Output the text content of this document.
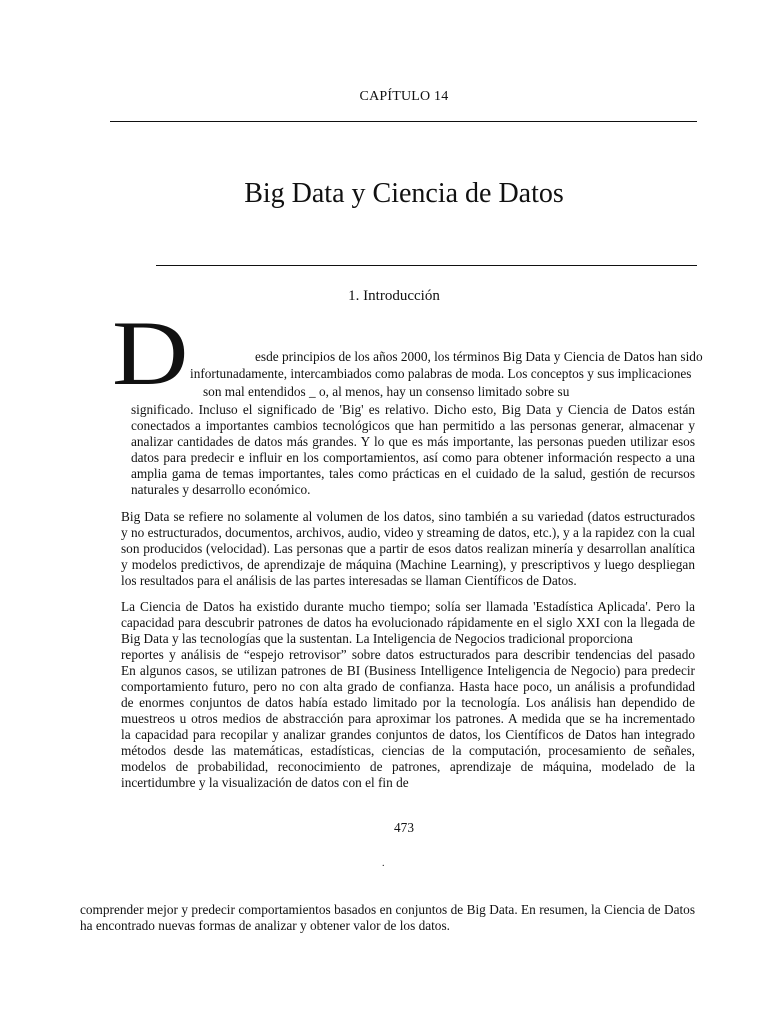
CAPÍTULO 14
Big Data y Ciencia de Datos
1. Introducción
D	esde principios de los años 2000, los términos Big Data y Ciencia de Datos han sido
infortunadamente, intercambiados como palabras de moda. Los conceptos y sus implicaciones
son mal entendidos _ o, al menos, hay un consenso limitado sobre su
significado. Incluso el significado de 'Big' es relativo. Dicho esto, Big Data y Ciencia de Datos están
conectados a importantes cambios tecnológicos que han permitido a las personas generar, almacenar y
analizar cantidades de datos más grandes. Y lo que es más importante, las personas pueden utilizar esos
datos para predecir e influir en los comportamientos, así como para obtener información respecto a una
amplia gama de temas importantes, tales como prácticas en el cuidado de la salud, gestión de recursos
naturales y desarrollo económico.
Big Data se refiere no solamente al volumen de los datos, sino también a su variedad (datos estructurados
y no estructurados, documentos, archivos, audio, video y streaming de datos, etc.), y a la rapidez con la cual
son producidos (velocidad). Las personas que a partir de esos datos realizan minería y desarrollan analítica
y modelos predictivos, de aprendizaje de máquina (Machine Learning), y prescriptivos y luego despliegan
los resultados para el análisis de las partes interesadas se llaman Científicos de Datos.
La Ciencia de Datos ha existido durante mucho tiempo; solía ser llamada 'Estadística Aplicada'. Pero la
capacidad para descubrir patrones de datos ha evolucionado rápidamente en el siglo XXI con la llegada de
Big Data y las tecnologías que la sustentan. La Inteligencia de Negocios tradicional proporciona
reportes y análisis de “espejo retrovisor” sobre datos estructurados para describir tendencias del pasado
En algunos casos, se utilizan patrones de BI (Business Intelligence Inteligencia de Negocio) para predecir
comportamiento futuro, pero no con alta grado de confianza. Hasta hace poco, un análisis a profundidad
de enormes conjuntos de datos había estado limitado por la tecnología. Los análisis han dependido de
muestreos u otros medios de abstracción para aproximar los patrones. A medida que se ha incrementado
la capacidad para recopilar y analizar grandes conjuntos de datos, los Científicos de Datos han integrado
métodos desde las matemáticas, estadísticas, ciencias de la computación, procesamiento de señales,
modelos de probabilidad, reconocimiento de patrones, aprendizaje de máquina, modelado de la
incertidumbre y la visualización de datos con el fin de
473
.
comprender mejor y predecir comportamientos basados en conjuntos de Big Data. En resumen, la Ciencia de Datos
ha encontrado nuevas formas de analizar y obtener valor de los datos.
